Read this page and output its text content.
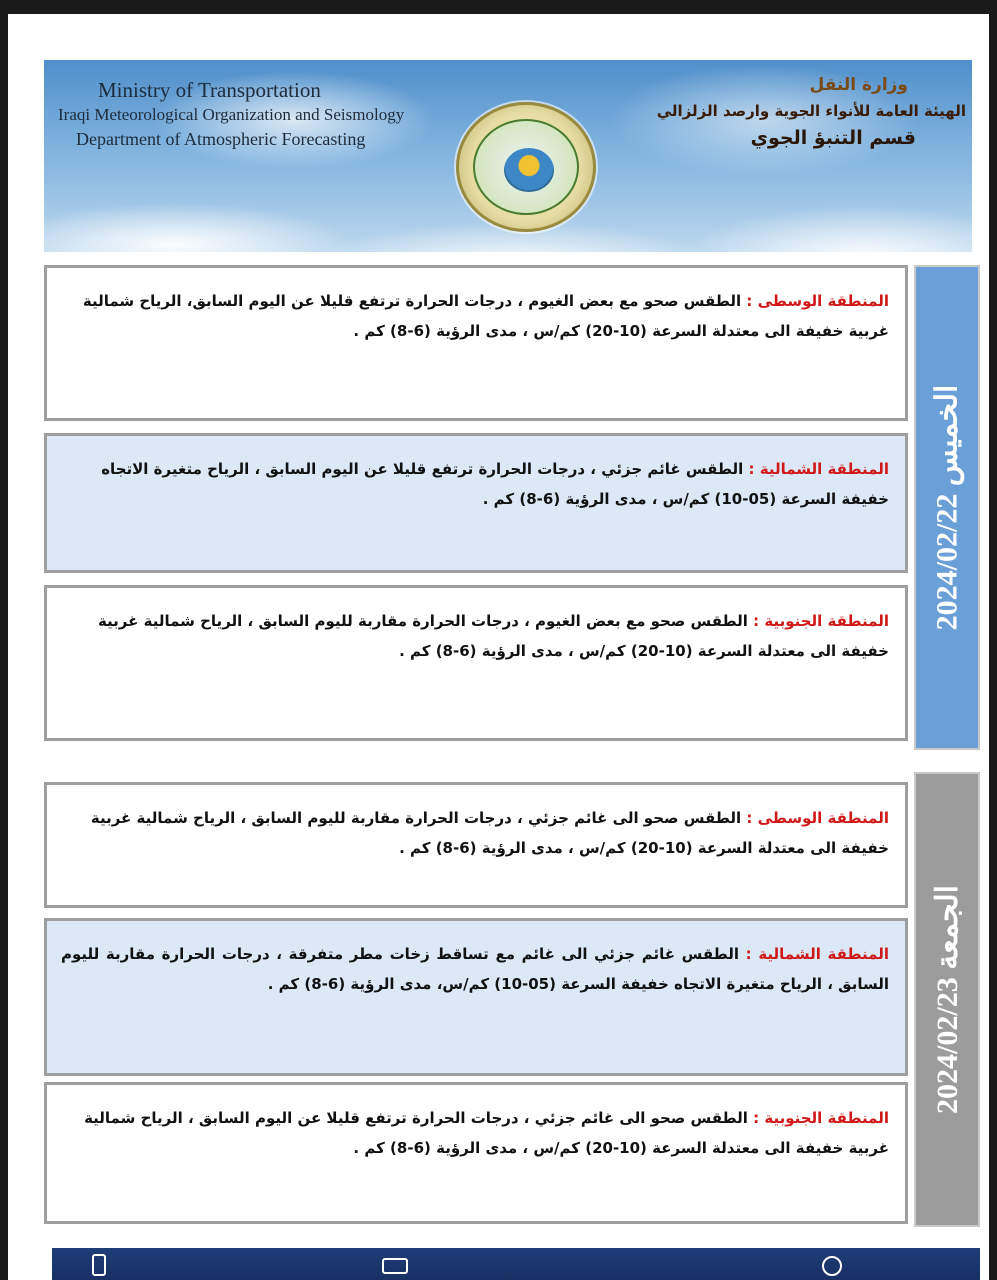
Ministry of Transportation
Iraqi Meteorological Organization and Seismology
Department of Atmospheric Forecasting
وزارة النقل
الهيئة العامة للأنواء الجوية وارصد الزلزالي
قسم التنبؤ الجوي
المنطقة الوسطى : الطقس صحو مع بعض الغيوم ، درجات الحرارة ترتفع قليلا عن اليوم السابق، الرياح شمالية غربية خفيفة الى معتدلة السرعة (10-20) كم/س ، مدى الرؤية (6-8) كم .
المنطقة الشمالية : الطقس غائم جزئي ، درجات الحرارة ترتفع قليلا عن اليوم السابق ، الرياح متغيرة الاتجاه خفيفة السرعة (05-10) كم/س ، مدى الرؤية (6-8) كم .
المنطقة الجنوبية : الطقس صحو مع بعض الغيوم ، درجات الحرارة مقاربة لليوم السابق ، الرياح شمالية غربية خفيفة الى معتدلة السرعة (10-20) كم/س ، مدى الرؤية (6-8) كم .
الخميس 2024/02/22
المنطقة الوسطى : الطقس صحو الى غائم جزئي ، درجات الحرارة مقاربة لليوم السابق ، الرياح شمالية غربية خفيفة الى معتدلة السرعة (10-20) كم/س ، مدى الرؤية (6-8) كم .
المنطقة الشمالية : الطقس غائم جزئي الى غائم مع تساقط زخات مطر متفرقة ، درجات الحرارة مقاربة لليوم السابق ، الرياح متغيرة الاتجاه خفيفة السرعة (05-10) كم/س، مدى الرؤية (6-8) كم .
المنطقة الجنوبية : الطقس صحو الى غائم جزئي ، درجات الحرارة ترتفع قليلا عن اليوم السابق ، الرياح شمالية غربية خفيفة الى معتدلة السرعة (10-20) كم/س ، مدى الرؤية (6-8) كم .
الجمعة 2024/02/23
